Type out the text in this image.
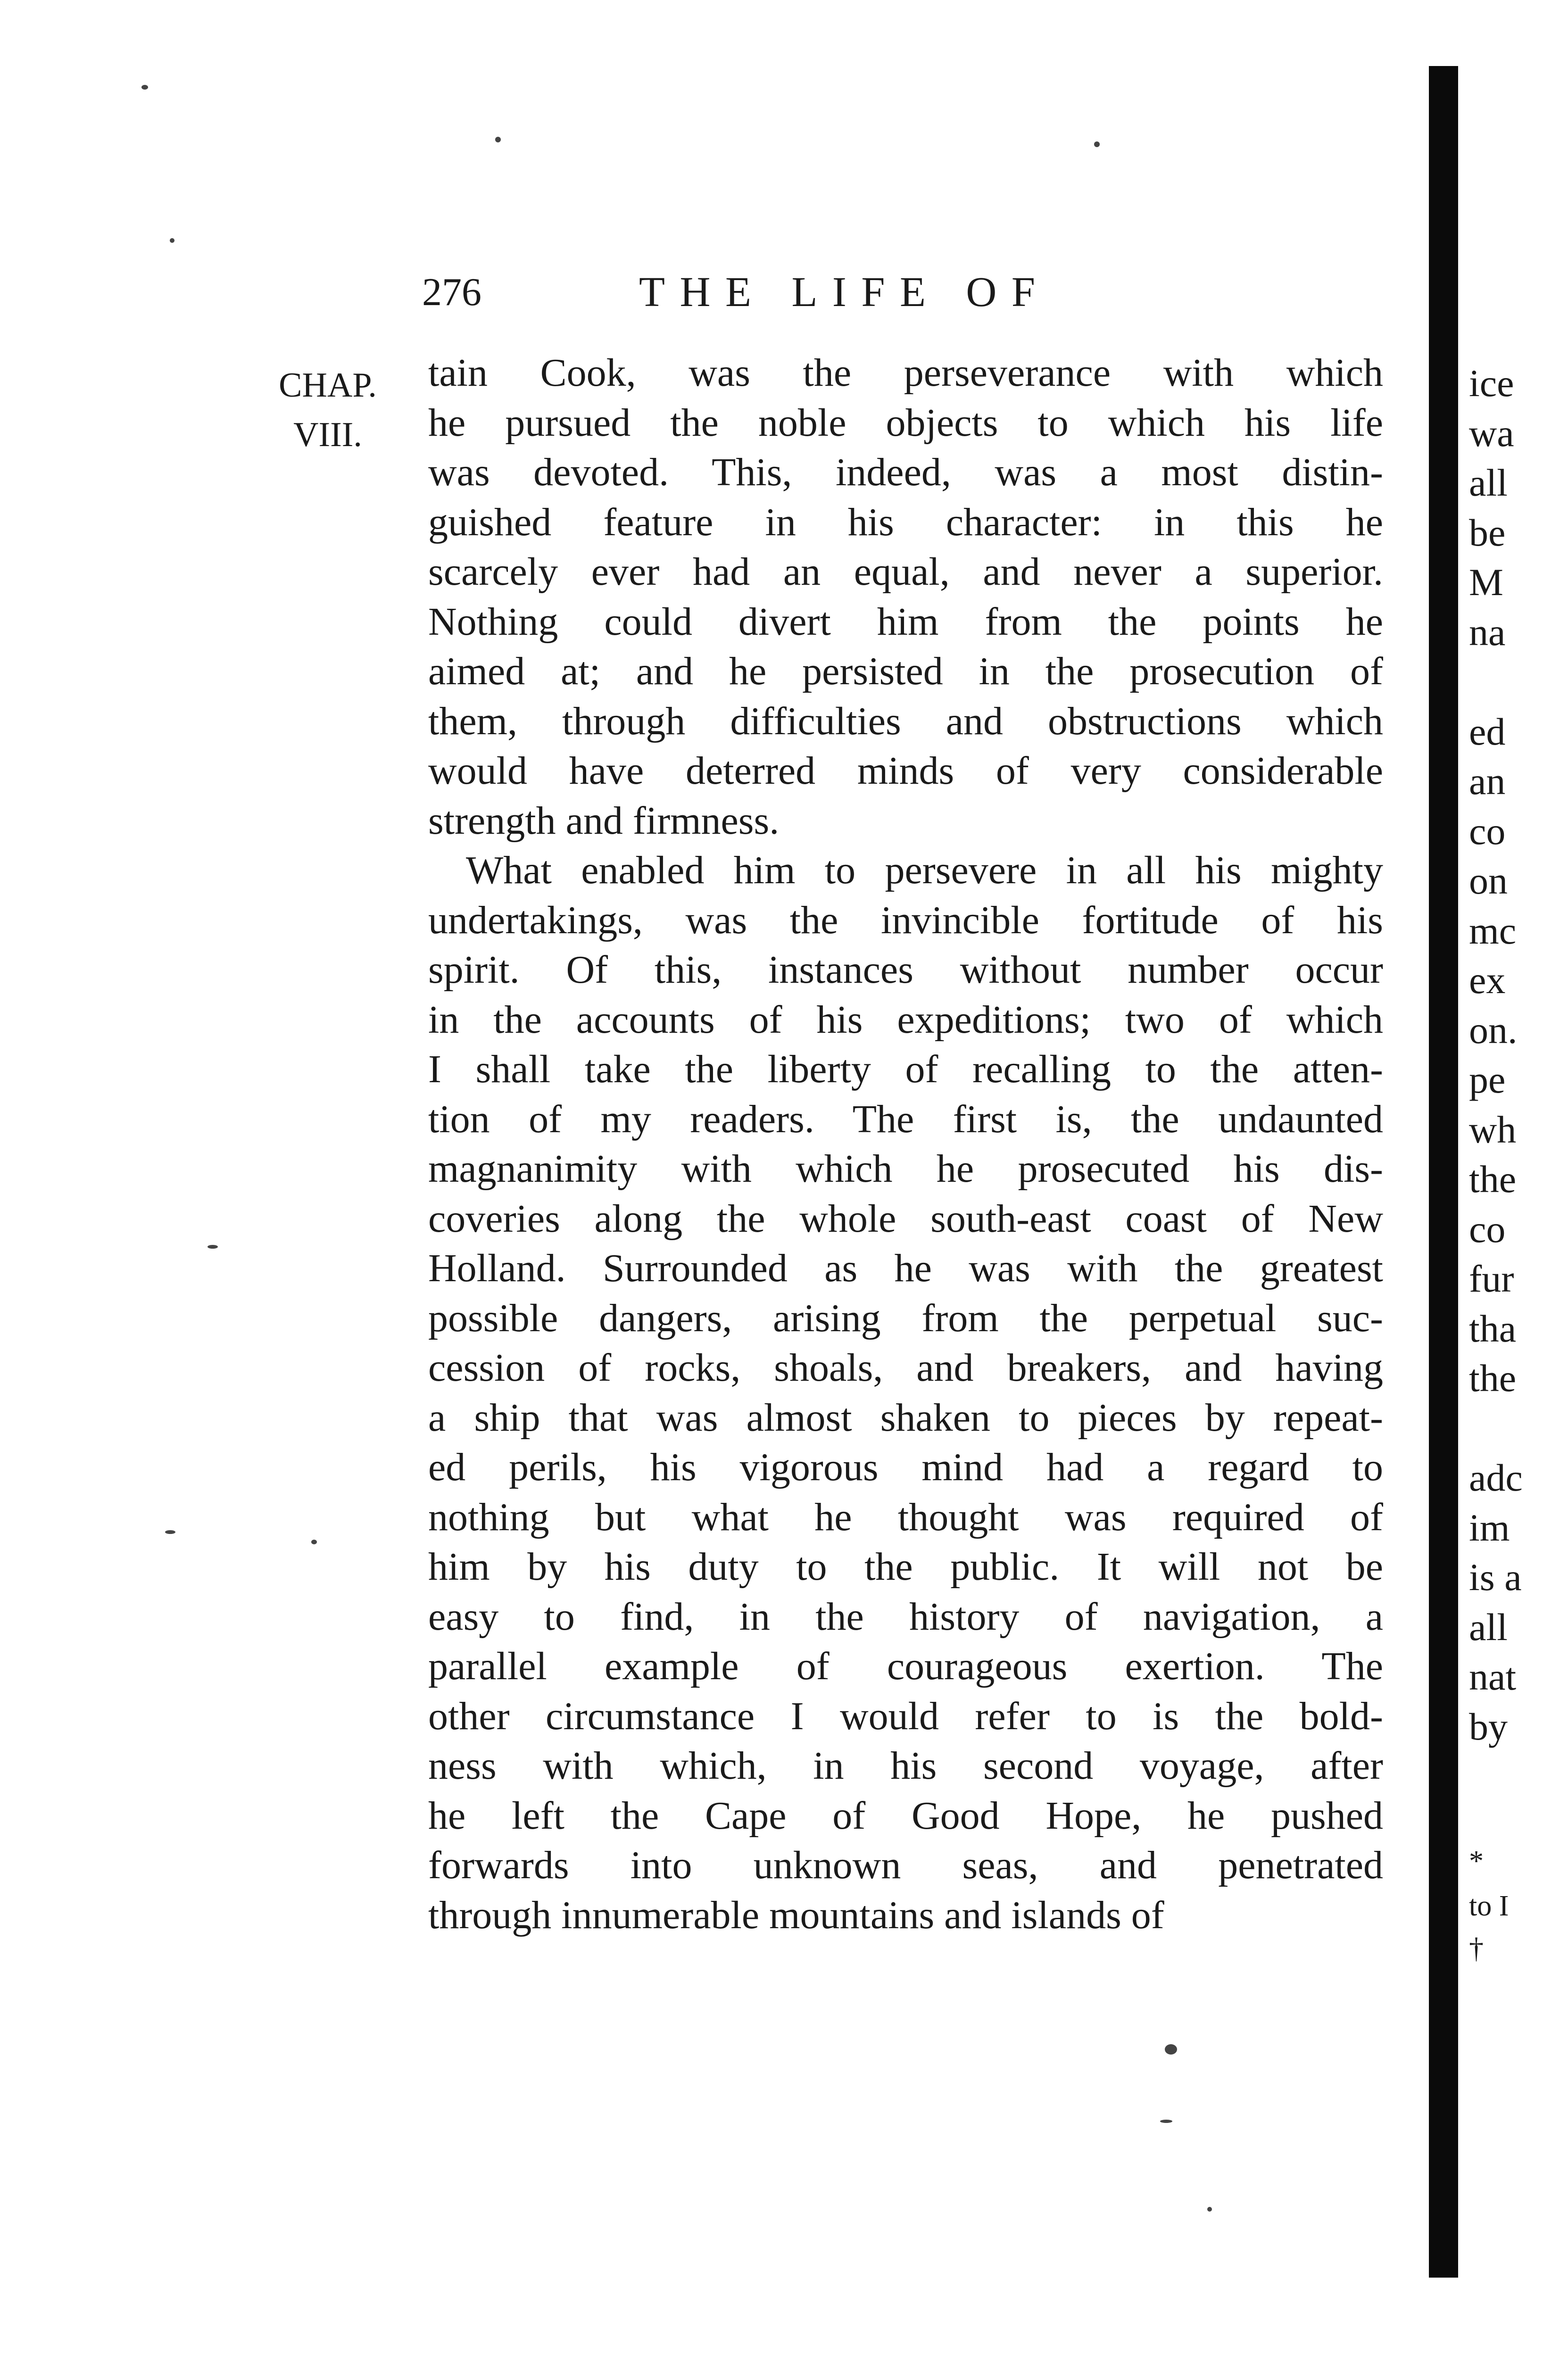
276	THE LIFE OF
CHAP.
VIII.
tain Cook, was the perseverance with which
he pursued the noble objects to which his life
was devoted. This, indeed, was a most distin-
guished feature in his character: in this he
scarcely ever had an equal, and never a superior.
Nothing could divert him from the points he
aimed at; and he persisted in the prosecution of
them, through difficulties and obstructions which
would have deterred minds of very considerable
strength and firmness.
What enabled him to persevere in all his mighty
undertakings, was the invincible fortitude of his
spirit. Of this, instances without number occur
in the accounts of his expeditions; two of which
I shall take the liberty of recalling to the atten-
tion of my readers. The first is, the undaunted
magnanimity with which he prosecuted his dis-
coveries along the whole south-east coast of New
Holland. Surrounded as he was with the greatest
possible dangers, arising from the perpetual suc-
cession of rocks, shoals, and breakers, and having
a ship that was almost shaken to pieces by repeat-
ed perils, his vigorous mind had a regard to
nothing but what he thought was required of
him by his duty to the public. It will not be
easy to find, in the history of navigation, a
parallel example of courageous exertion. The
other circumstance I would refer to is the bold-
ness with which, in his second voyage, after
he left the Cape of Good Hope, he pushed
forwards into unknown seas, and penetrated
through innumerable mountains and islands of
ice
wa
all
be
M
na
ed
an
co
on
mc
ex
on.
pe
wh
the
co
fur
tha
the
adc
im
is a
all
nat
by
*
to I
†
